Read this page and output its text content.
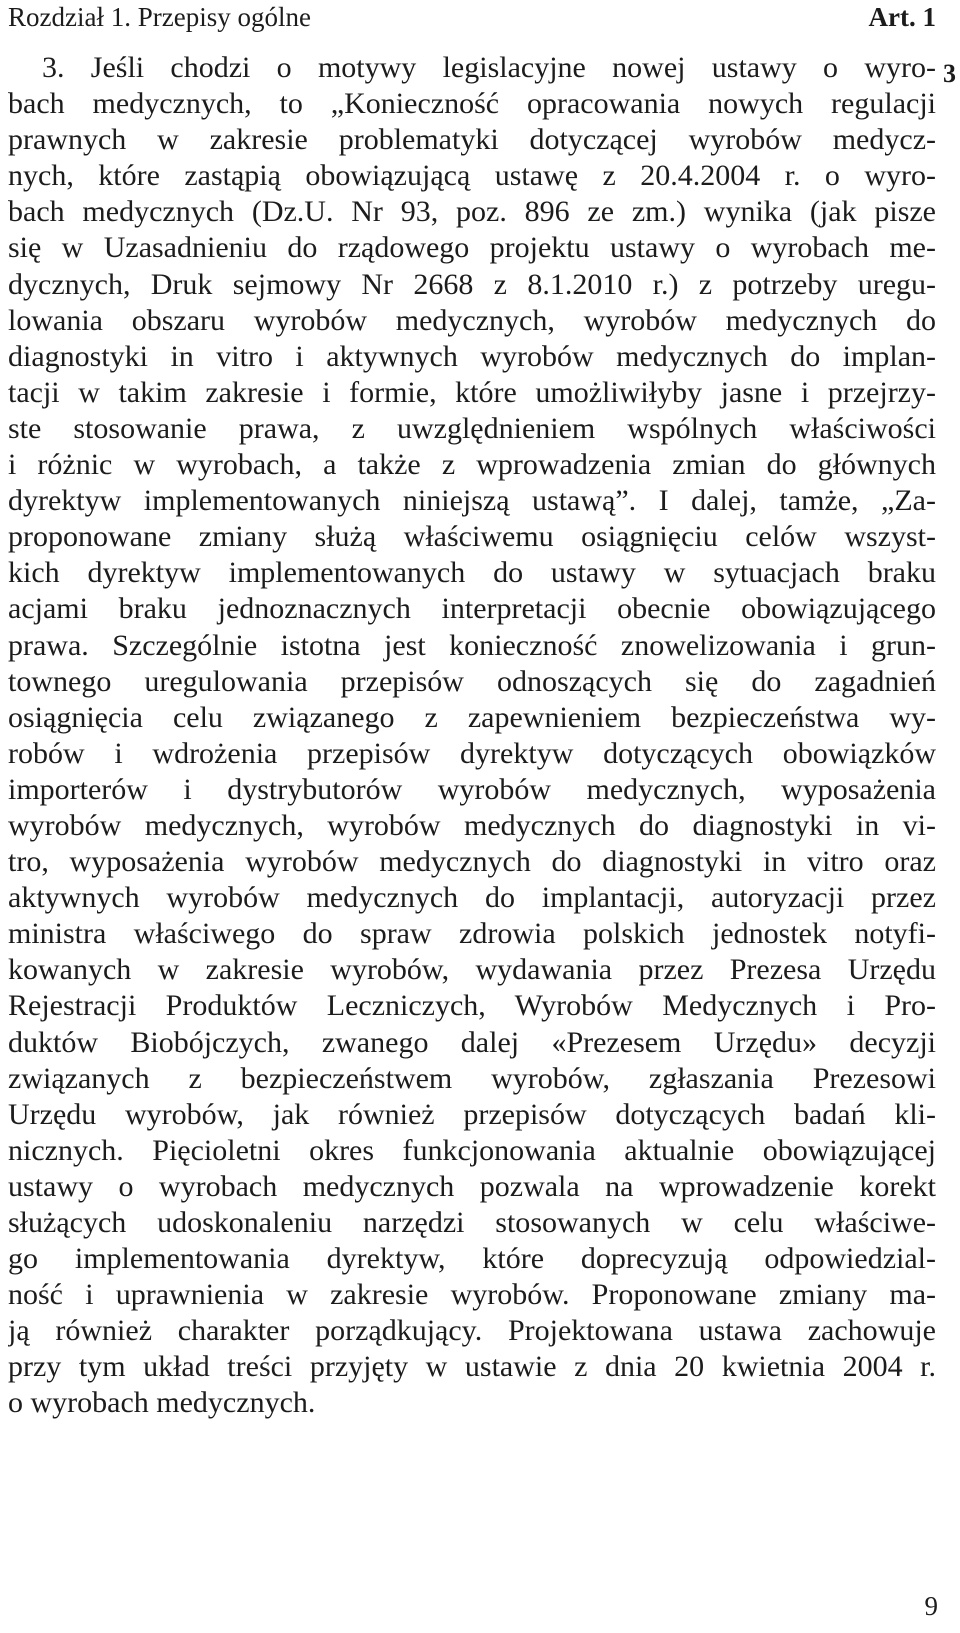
Rozdział 1. Przepisy ogólne	Art. 1
3
3. Jeśli chodzi o motywy legislacyjne nowej ustawy o wyro-
bach medycznych, to „Konieczność opracowania nowych regulacji
prawnych w zakresie problematyki dotyczącej wyrobów medycz-
nych, które zastąpią obowiązującą ustawę z 20.4.2004 r. o wyro-
bach medycznych (Dz.U. Nr 93, poz. 896 ze zm.) wynika (jak pisze
się w Uzasadnieniu do rządowego projektu ustawy o wyrobach me-
dycznych, Druk sejmowy Nr 2668 z 8.1.2010 r.) z potrzeby uregu-
lowania obszaru wyrobów medycznych, wyrobów medycznych do
diagnostyki in vitro i aktywnych wyrobów medycznych do implan-
tacji w takim zakresie i formie, które umożliwiłyby jasne i przejrzy-
ste stosowanie prawa, z uwzględnieniem wspólnych właściwości
i różnic w wyrobach, a także z wprowadzenia zmian do głównych
dyrektyw implementowanych niniejszą ustawą”. I dalej, tamże, „Za-
proponowane zmiany służą właściwemu osiągnięciu celów wszyst-
kich dyrektyw implementowanych do ustawy w sytuacjach braku
acjami braku jednoznacznych interpretacji obecnie obowiązującego
prawa. Szczególnie istotna jest konieczność znowelizowania i grun-
townego uregulowania przepisów odnoszących się do zagadnień
osiągnięcia celu związanego z zapewnieniem bezpieczeństwa wy-
robów i wdrożenia przepisów dyrektyw dotyczących obowiązków
importerów i dystrybutorów wyrobów medycznych, wyposażenia
wyrobów medycznych, wyrobów medycznych do diagnostyki in vi-
tro, wyposażenia wyrobów medycznych do diagnostyki in vitro oraz
aktywnych wyrobów medycznych do implantacji, autoryzacji przez
ministra właściwego do spraw zdrowia polskich jednostek notyfi-
kowanych w zakresie wyrobów, wydawania przez Prezesa Urzędu
Rejestracji Produktów Leczniczych, Wyrobów Medycznych i Pro-
duktów Biobójczych, zwanego dalej «Prezesem Urzędu» decyzji
związanych z bezpieczeństwem wyrobów, zgłaszania Prezesowi
Urzędu wyrobów, jak również przepisów dotyczących badań kli-
nicznych. Pięcioletni okres funkcjonowania aktualnie obowiązującej
ustawy o wyrobach medycznych pozwala na wprowadzenie korekt
służących udoskonaleniu narzędzi stosowanych w celu właściwe-
go implementowania dyrektyw, które doprecyzują odpowiedzial-
ność i uprawnienia w zakresie wyrobów. Proponowane zmiany ma-
ją również charakter porządkujący. Projektowana ustawa zachowuje
przy tym układ treści przyjęty w ustawie z dnia 20 kwietnia 2004 r.
o wyrobach medycznych.
9
